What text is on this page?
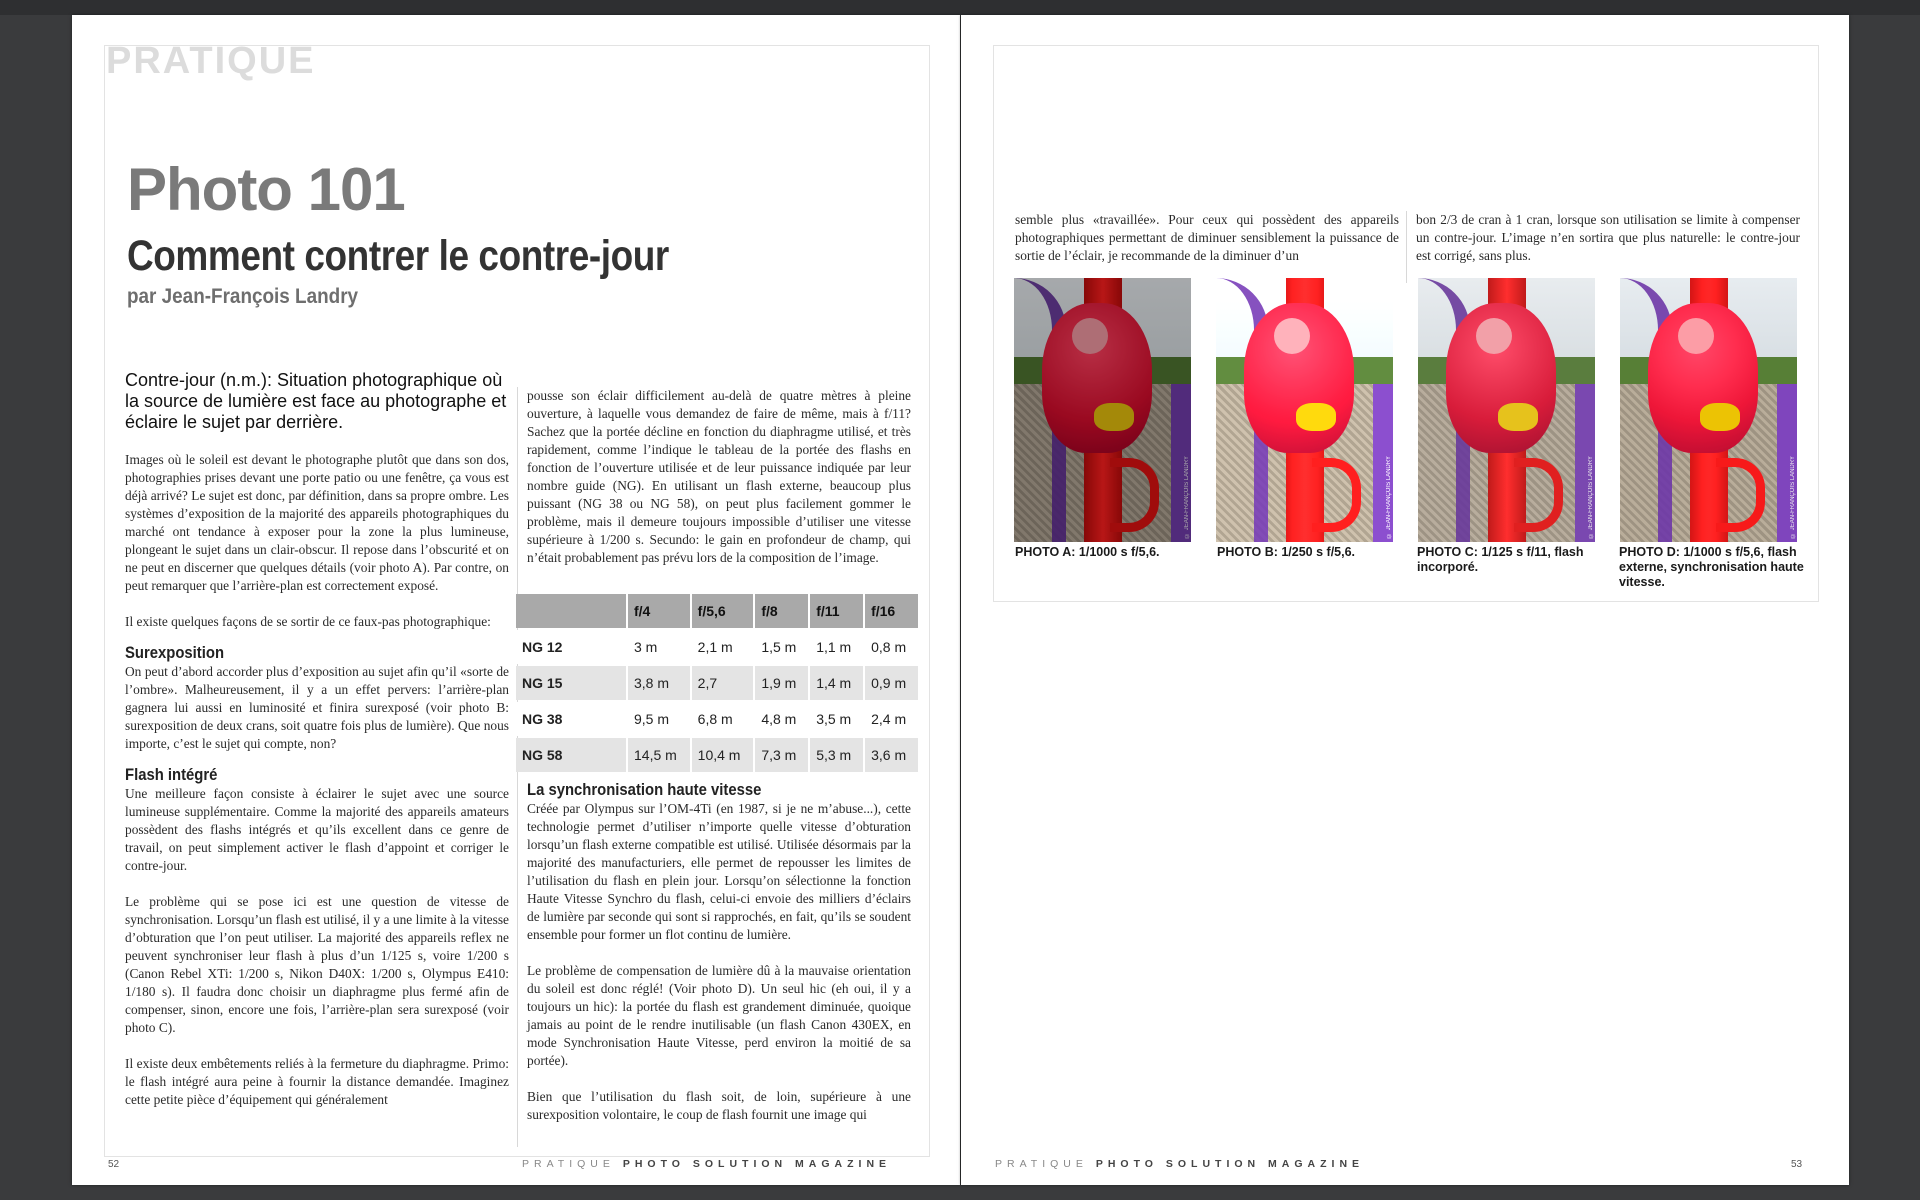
PRATIQUE
Photo 101
Comment contrer le contre-jour
par Jean-François Landry

Contre-jour (n.m.): Situation photographique où la source de lumière est face au photographe et éclaire le sujet par derrière.

Images où le soleil est devant le photographe plutôt que dans son dos, photographies prises devant une porte patio ou une fenêtre, ça vous est déjà arrivé? Le sujet est donc, par définition, dans sa propre ombre. Les systèmes d’exposition de la majorité des appareils photographiques du marché ont tendance à exposer pour la zone la plus lumineuse, plongeant le sujet dans un clair-obscur. Il repose dans l’obscurité et on ne peut en discerner que quelques détails (voir photo A). Par contre, on peut remarquer que l’arrière-plan est correctement exposé.

Il existe quelques façons de se sortir de ce faux-pas photographique:

Surexposition

On peut d’abord accorder plus d’exposition au sujet afin qu’il «sorte de l’ombre». Malheureusement, il y a un effet pervers: l’arrière-plan gagnera lui aussi en luminosité et finira surexposé (voir photo B: surexposition de deux crans, soit quatre fois plus de lumière). Que nous importe, c’est le sujet qui compte, non?

Flash intégré

Une meilleure façon consiste à éclairer le sujet avec une source lumineuse supplémentaire. Comme la majorité des appareils amateurs possèdent des flashs intégrés et qu’ils excellent dans ce genre de travail, on peut simplement activer le flash d’appoint et corriger le contre-jour.

Le problème qui se pose ici est une question de vitesse de synchronisation. Lorsqu’un flash est utilisé, il y a une limite à la vitesse d’obturation que l’on peut utiliser. La majorité des appareils reflex ne peuvent synchroniser leur flash à plus d’un 1/125 s, voire 1/200 s (Canon Rebel XTi: 1/200 s, Nikon D40X: 1/200 s, Olympus E410: 1/180 s). Il faudra donc choisir un diaphragme plus fermé afin de compenser, sinon, encore une fois, l’arrière-plan sera surexposé (voir photo C).

Il existe deux embêtements reliés à la fermeture du diaphragme. Primo: le flash intégré aura peine à fournir la distance demandée. Imaginez cette petite pièce d’équipement qui généralement

pousse son éclair difficilement au-delà de quatre mètres à pleine ouverture, à laquelle vous demandez de faire de même, mais à f/11? Sachez que la portée décline en fonction du diaphragme utilisé, et très rapidement, comme l’indique le tableau de la portée des flashs en fonction de l’ouverture utilisée et de leur puissance indiquée par leur nombre guide (NG). En utilisant un flash externe, beaucoup plus puissant (NG 38 ou NG 58), on peut plus facilement gommer le problème, mais il demeure toujours impossible d’utiliser une vitesse supérieure à 1/200 s. Secundo: le gain en profondeur de champ, qui n’était probablement pas prévu lors de la composition de l’image.

	f/4	f/5,6	f/8	f/11	f/16
NG 12	3 m	2,1 m	1,5 m	1,1 m	0,8 m
NG 15	3,8 m	2,7	1,9 m	1,4 m	0,9 m
NG 38	9,5 m	6,8 m	4,8 m	3,5 m	2,4 m
NG 58	14,5 m	10,4 m	7,3 m	5,3 m	3,6 m
La synchronisation haute vitesse

Créée par Olympus sur l’OM-4Ti (en 1987, si je ne m’abuse...), cette technologie permet d’utiliser n’importe quelle vitesse d’obturation lorsqu’un flash externe compatible est utilisé. Utilisée désormais par la majorité des manufacturiers, elle permet de repousser les limites de l’utilisation du flash en plein jour. Lorsqu’on sélectionne la fonction Haute Vitesse Synchro du flash, celui-ci envoie des milliers d’éclairs de lumière par seconde qui sont si rapprochés, en fait, qu’ils se soudent ensemble pour former un flot continu de lumière.

Le problème de compensation de lumière dû à la mauvaise orientation du soleil est donc réglé! (Voir photo D). Un seul hic (eh oui, il y a toujours un hic): la portée du flash est grandement diminuée, quoique jamais au point de le rendre inutilisable (un flash Canon 430EX, en mode Synchronisation Haute Vitesse, perd environ la moitié de sa portée).

Bien que l’utilisation du flash soit, de loin, supérieure à une surexposition volontaire, le coup de flash fournit une image qui

52	PRATIQUE PHOTO SOLUTION MAGAZINE

semble plus «travaillée». Pour ceux qui possèdent des appareils photographiques permettant de diminuer sensiblement la puissance de sortie de l’éclair, je recommande de la diminuer d’un

bon 2/3 de cran à 1 cran, lorsque son utilisation se limite à compenser un contre-jour. L’image n’en sortira que plus naturelle: le contre-jour est corrigé, sans plus.

© JEAN-FRANÇOIS LANDRY
PHOTO A: 1/1000 s f/5,6.
© JEAN-FRANÇOIS LANDRY
PHOTO B: 1/250 s f/5,6.
© JEAN-FRANÇOIS LANDRY
PHOTO C: 1/125 s f/11, flash incorporé.
© JEAN-FRANÇOIS LANDRY
PHOTO D: 1/1000 s f/5,6, flash externe, synchronisation haute vitesse.
PRATIQUE PHOTO SOLUTION MAGAZINE	53
